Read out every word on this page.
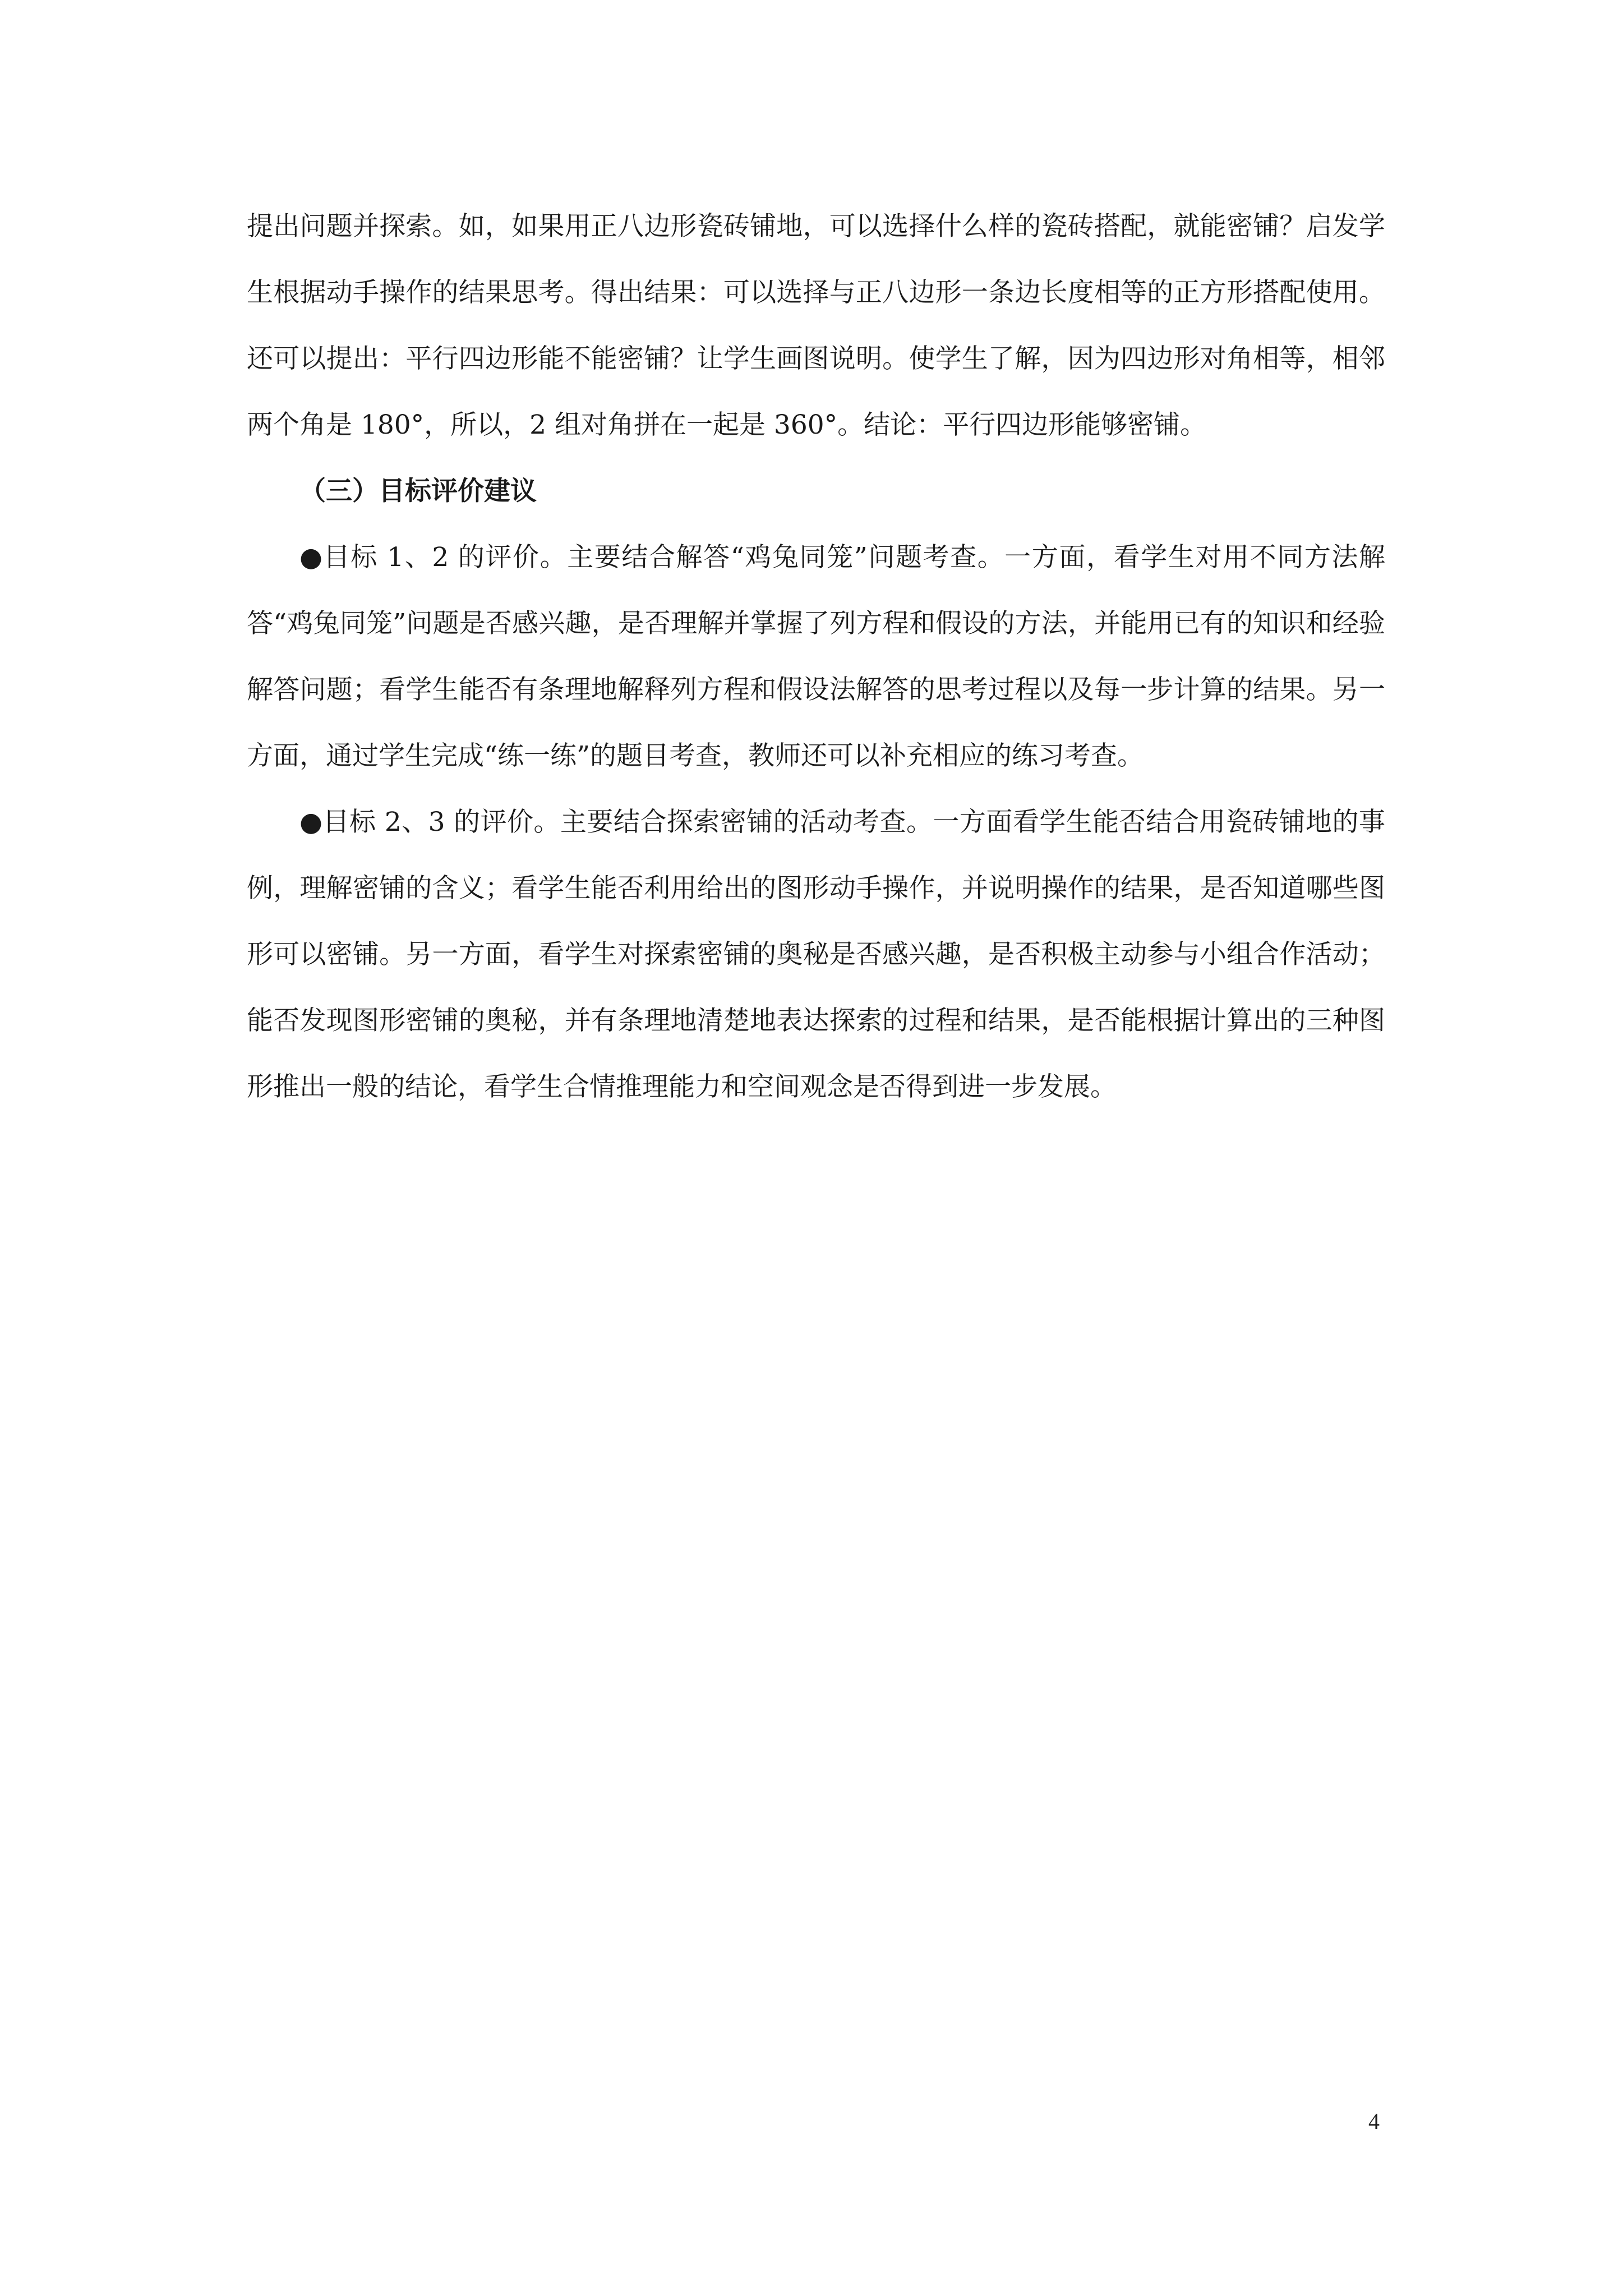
提出问题并探索。如，如果用正八边形瓷砖铺地，可以选择什么样的瓷砖搭配，就能密铺？启发学生根据动手操作的结果思考。得出结果：可以选择与正八边形一条边长度相等的正方形搭配使用。还可以提出：平行四边形能不能密铺？让学生画图说明。使学生了解，因为四边形对角相等，相邻两个角是 180°，所以，2 组对角拼在一起是 360°。结论：平行四边形能够密铺。

（三）目标评价建议

●目标 1、2 的评价。主要结合解答“鸡兔同笼”问题考查。一方面，看学生对用不同方法解答“鸡兔同笼”问题是否感兴趣，是否理解并掌握了列方程和假设的方法，并能用已有的知识和经验解答问题；看学生能否有条理地解释列方程和假设法解答的思考过程以及每一步计算的结果。另一方面，通过学生完成“练一练”的题目考查，教师还可以补充相应的练习考查。

●目标 2、3 的评价。主要结合探索密铺的活动考查。一方面看学生能否结合用瓷砖铺地的事例，理解密铺的含义；看学生能否利用给出的图形动手操作，并说明操作的结果，是否知道哪些图形可以密铺。另一方面，看学生对探索密铺的奥秘是否感兴趣，是否积极主动参与小组合作活动；能否发现图形密铺的奥秘，并有条理地清楚地表达探索的过程和结果，是否能根据计算出的三种图形推出一般的结论，看学生合情推理能力和空间观念是否得到进一步发展。

4
